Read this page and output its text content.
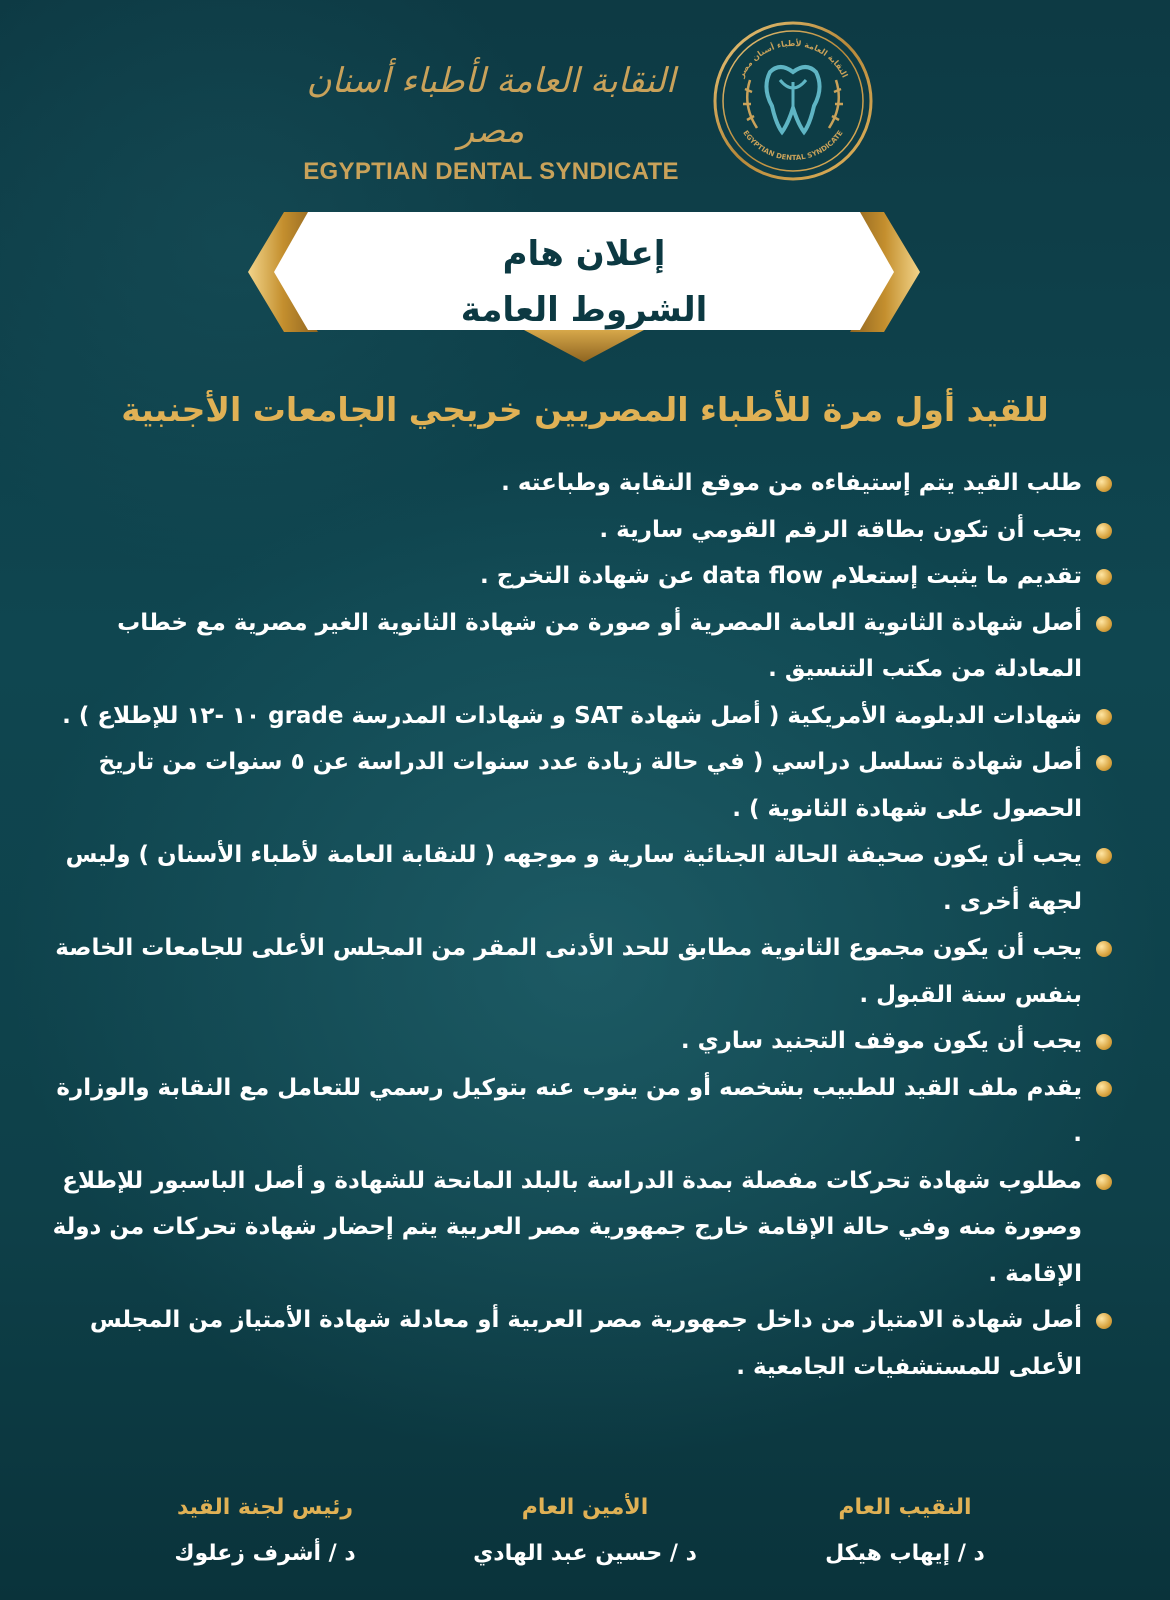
النقابة العامة لأطباء أسنان مصر
EGYPTIAN DENTAL SYNDICATE
النقابة العامة لأطباء أسنان مصر
EGYPTIAN DENTAL SYNDICATE
إعلان هام
الشروط العامة
للقيد أول مرة للأطباء المصريين خريجي الجامعات الأجنبية
طلب القيد يتم إستيفاءه من موقع النقابة وطباعته .
يجب أن تكون بطاقة الرقم القومي سارية .
تقديم ما يثبت إستعلام data flow عن شهادة التخرج .
أصل شهادة الثانوية العامة المصرية أو صورة من شهادة الثانوية الغير مصرية مع خطاب المعادلة من مكتب التنسيق .
شهادات الدبلومة الأمريكية ( أصل شهادة SAT و شهادات المدرسة grade ١٠ -١٢ للإطلاع ) .
أصل شهادة تسلسل دراسي ( في حالة زيادة عدد سنوات الدراسة عن ٥ سنوات من تاريخ الحصول على شهادة الثانوية ) .
يجب أن يكون صحيفة الحالة الجنائية سارية و موجهه ( للنقابة العامة لأطباء الأسنان ) وليس لجهة أخرى .
يجب أن يكون مجموع الثانوية مطابق للحد الأدنى المقر من المجلس الأعلى للجامعات الخاصة بنفس سنة القبول .
يجب أن يكون موقف التجنيد ساري .
يقدم ملف القيد للطبيب بشخصه أو من ينوب عنه بتوكيل رسمي للتعامل مع النقابة والوزارة .
مطلوب شهادة تحركات مفصلة بمدة الدراسة بالبلد المانحة للشهادة و أصل الباسبور للإطلاع وصورة منه وفي حالة الإقامة خارج جمهورية مصر العربية يتم إحضار شهادة تحركات من دولة الإقامة .
أصل شهادة الامتياز من داخل جمهورية مصر العربية أو معادلة شهادة الأمتياز من المجلس الأعلى للمستشفيات الجامعية .
رئيس لجنة القيد
د / أشرف زعلوك
الأمين العام
د / حسين عبد الهادي
النقيب العام
د / إيهاب هيكل
